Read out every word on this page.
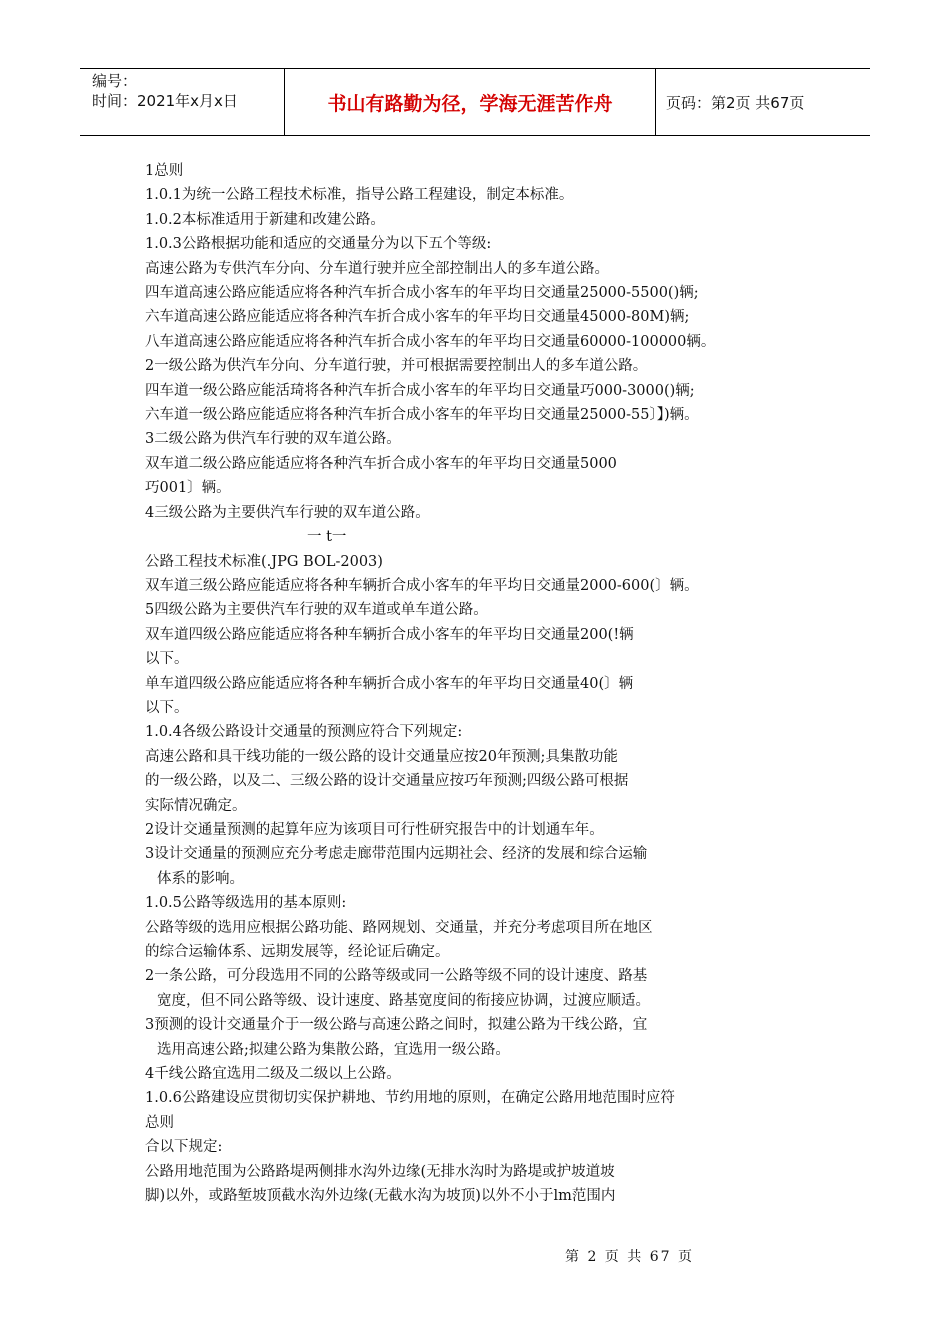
编号：
时间：2021年x月x日	书山有路勤为径，学海无涯苦作舟	页码：第2页 共67页
1总则
1.0.1为统一公路工程技术标准，指导公路工程建设，制定本标准。
1.0.2本标准适用于新建和改建公路。
1.0.3公路根据功能和适应的交通量分为以下五个等级:
高速公路为专供汽车分向、分车道行驶并应全部控制出人的多车道公路。
四车道高速公路应能适应将各种汽车折合成小客车的年平均日交通量25000-5500()辆;
六车道高速公路应能适应将各种汽车折合成小客车的年平均日交通量45000-80M)辆;
八车道高速公路应能适应将各种汽车折合成小客车的年平均日交通量60000-100000辆。
2一级公路为供汽车分向、分车道行驶，并可根据需要控制出人的多车道公路。
四车道一级公路应能活琦将各种汽车折合成小客车的年平均日交通量巧000-3000()辆;
六车道一级公路应能适应将各种汽车折合成小客车的年平均日交通量25000-55〕】)辆。
3二级公路为供汽车行驶的双车道公路。
双车道二级公路应能适应将各种汽车折合成小客车的年平均日交通量5000
巧001〕辆。
4三级公路为主要供汽车行驶的双车道公路。
一 t一
公路工程技术标准(.JPG BOL-2003)
双车道三级公路应能适应将各种车辆折合成小客车的年平均日交通量2000-600(〕辆。
5四级公路为主要供汽车行驶的双车道或单车道公路。
双车道四级公路应能适应将各种车辆折合成小客车的年平均日交通量200(!辆
以下。
单车道四级公路应能适应将各种车辆折合成小客车的年平均日交通量40(〕辆
以下。
1.0.4各级公路设计交通量的预测应符合下列规定:
高速公路和具干线功能的一级公路的设计交通量应按20年预测;具集散功能
的一级公路，以及二、三级公路的设计交通量应按巧年预测;四级公路可根据
实际情况确定。
2设计交通量预测的起算年应为该项目可行性研究报告中的计划通车年。
3设计交通量的预测应充分考虑走廊带范围内远期社会、经济的发展和综合运输
体系的影响。
1.0.5公路等级选用的基本原则:
公路等级的选用应根据公路功能、路网规划、交通量，并充分考虑项目所在地区
的综合运输体系、远期发展等，经论证后确定。
2一条公路，可分段选用不同的公路等级或同一公路等级不同的设计速度、路基
宽度，但不同公路等级、设计速度、路基宽度间的衔接应协调，过渡应顺适。
3预测的设计交通量介于一级公路与高速公路之间时，拟建公路为干线公路，宜
选用高速公路;拟建公路为集散公路，宜选用一级公路。
4千线公路宜选用二级及二级以上公路。
1.0.6公路建设应贯彻切实保护耕地、节约用地的原则，在确定公路用地范围时应符
总则
合以下规定:
公路用地范围为公路路堤两侧排水沟外边缘(无排水沟时为路堤或护坡道坡
脚)以外，或路堑坡顶截水沟外边缘(无截水沟为坡顶)以外不小于lm范围内
第 2 页 共 67 页
